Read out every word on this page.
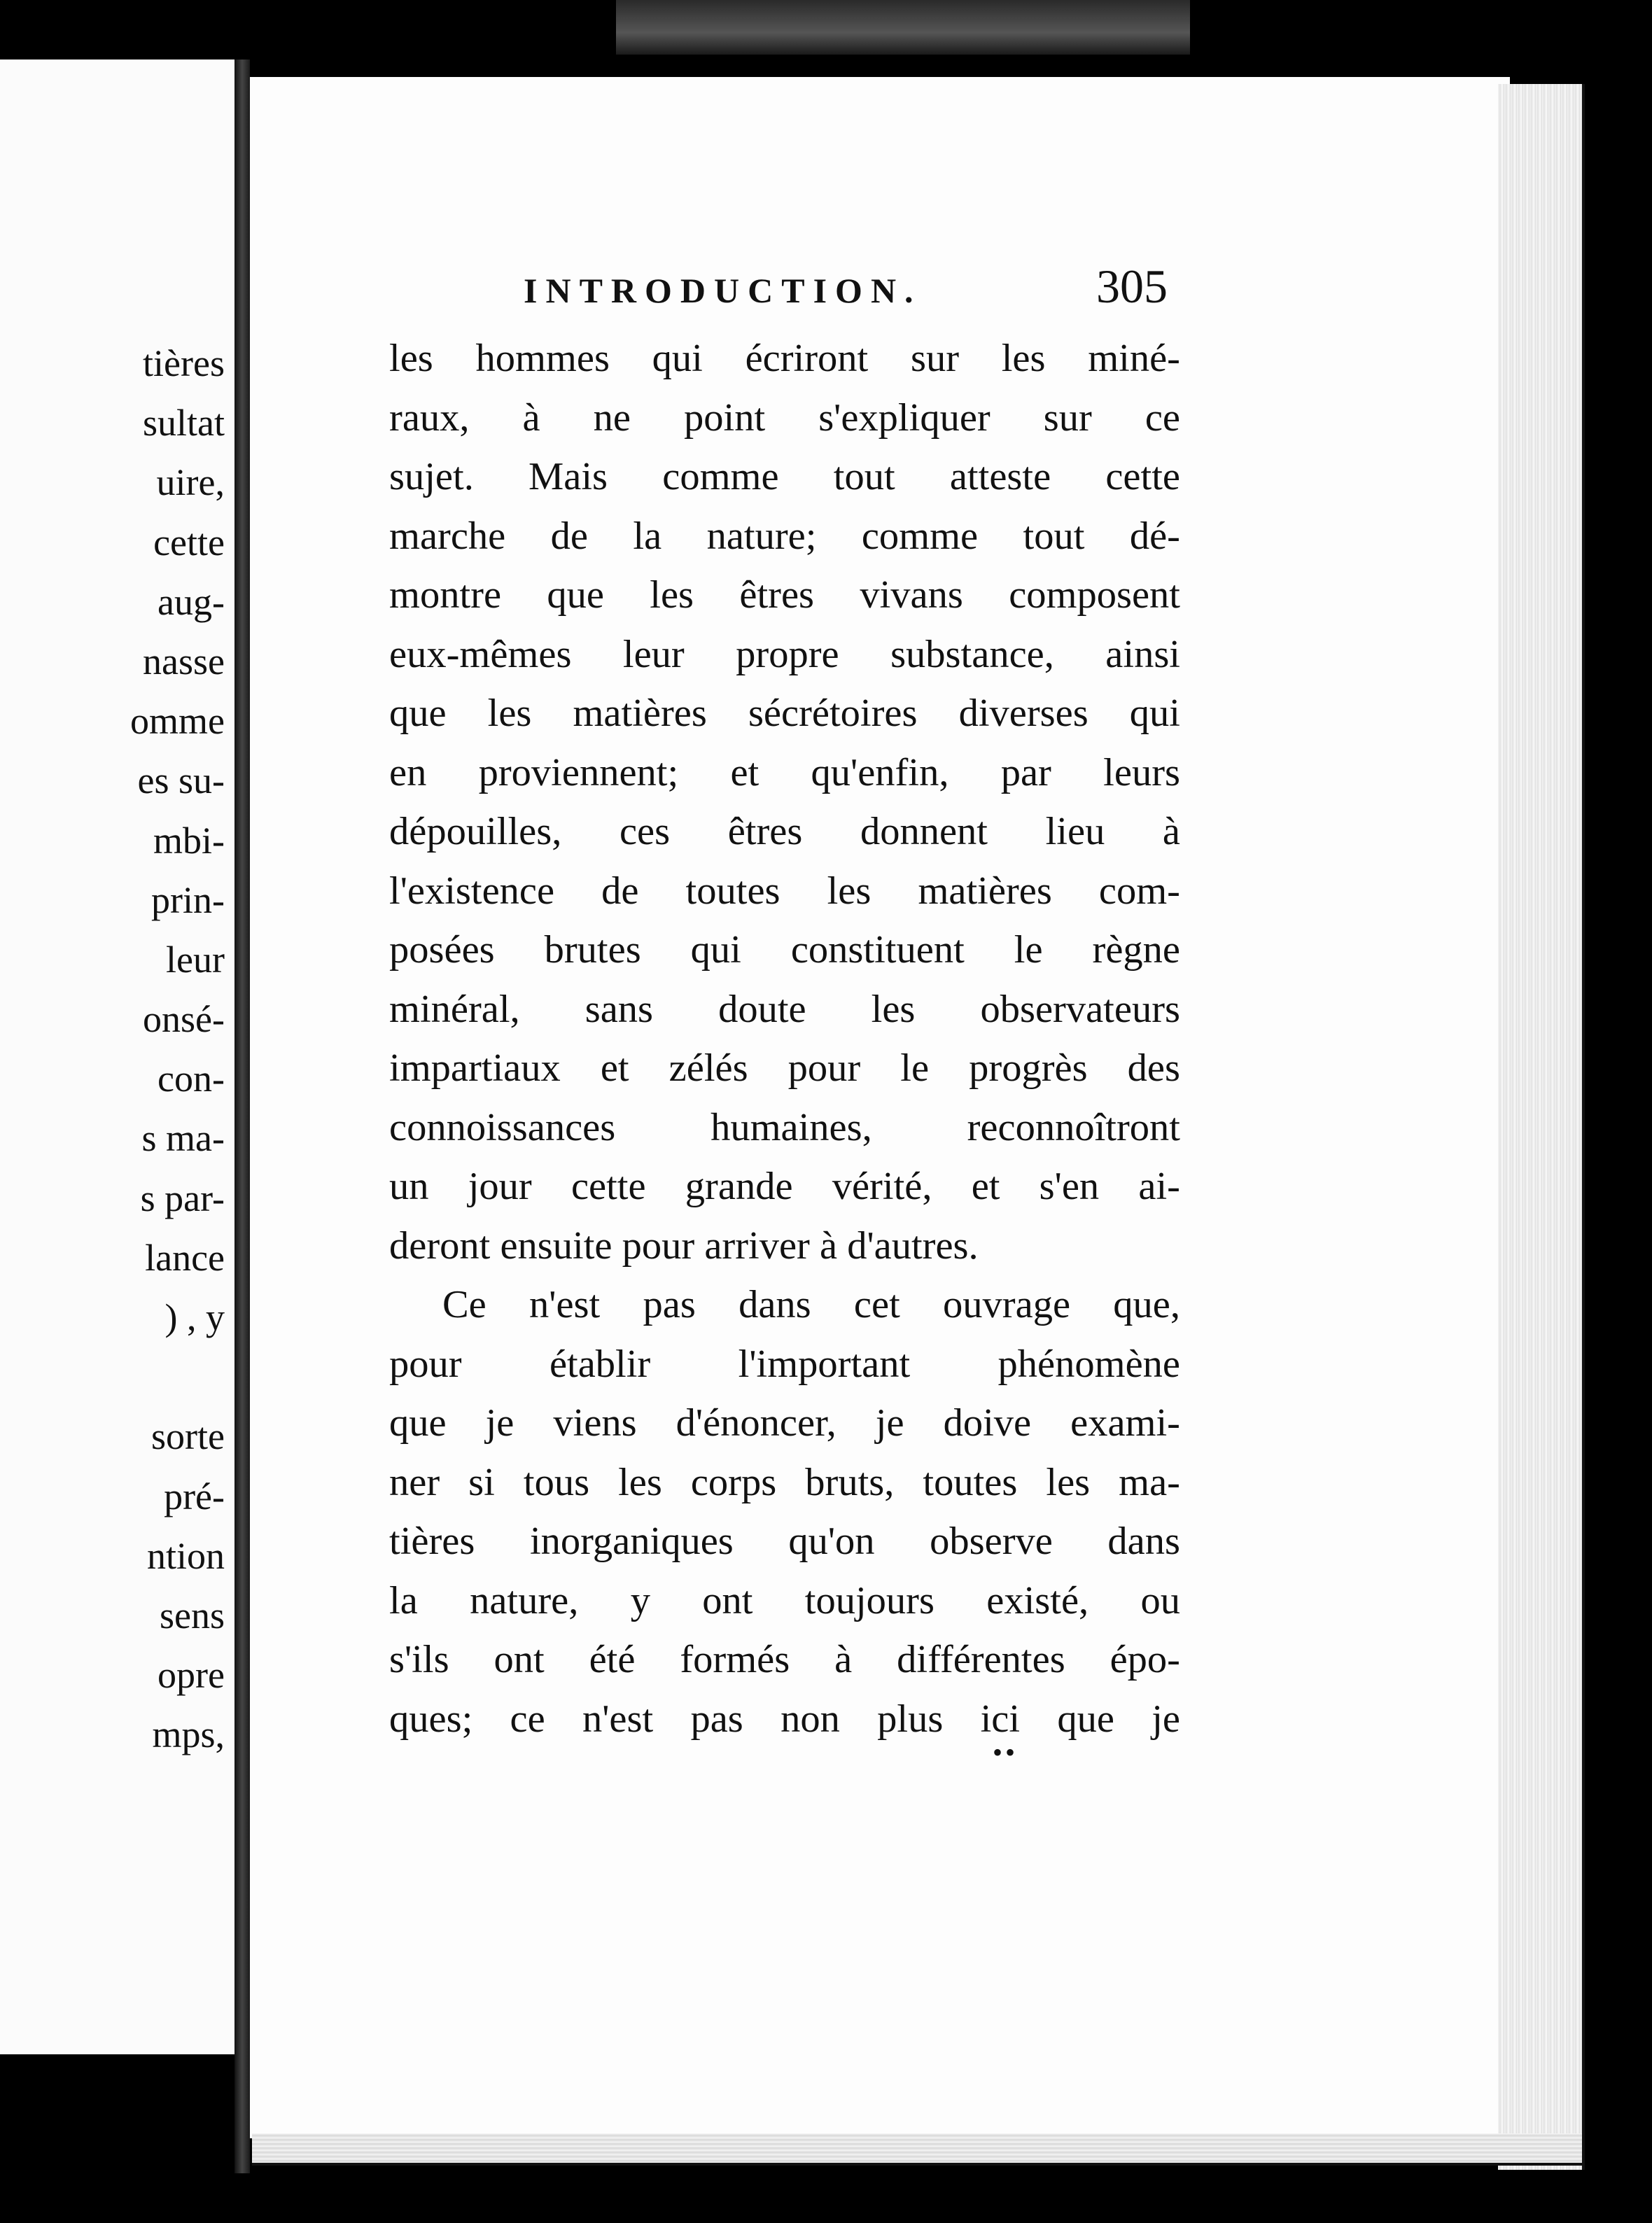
tières
sultat
uire,
cette
aug-
nasse
omme
es su-
mbi-
prin-
leur
onsé-
con-
s ma-
s par-
lance
) , y
sorte
pré-
ntion
sens
opre
mps,
INTRODUCTION.	305
les hommes qui écriront sur les miné-
raux, à ne point s'expliquer sur ce
sujet. Mais comme tout atteste cette
marche de la nature; comme tout dé-
montre que les êtres vivans composent
eux-mêmes leur propre substance, ainsi
que les matières sécrétoires diverses qui
en proviennent; et qu'enfin, par leurs
dépouilles, ces êtres donnent lieu à
l'existence de toutes les matières com-
posées brutes qui constituent le règne
minéral, sans doute les observateurs
impartiaux et zélés pour le progrès des
connoissances humaines, reconnoîtront
un jour cette grande vérité, et s'en ai-
deront ensuite pour arriver à d'autres.
Ce n'est pas dans cet ouvrage que,
pour établir l'important phénomène
que je viens d'énoncer, je doive exami-
ner si tous les corps bruts, toutes les ma-
tières inorganiques qu'on observe dans
la nature, y ont toujours existé, ou
s'ils ont été formés à différentes épo-
ques; ce n'est pas non plus ici que je
••
